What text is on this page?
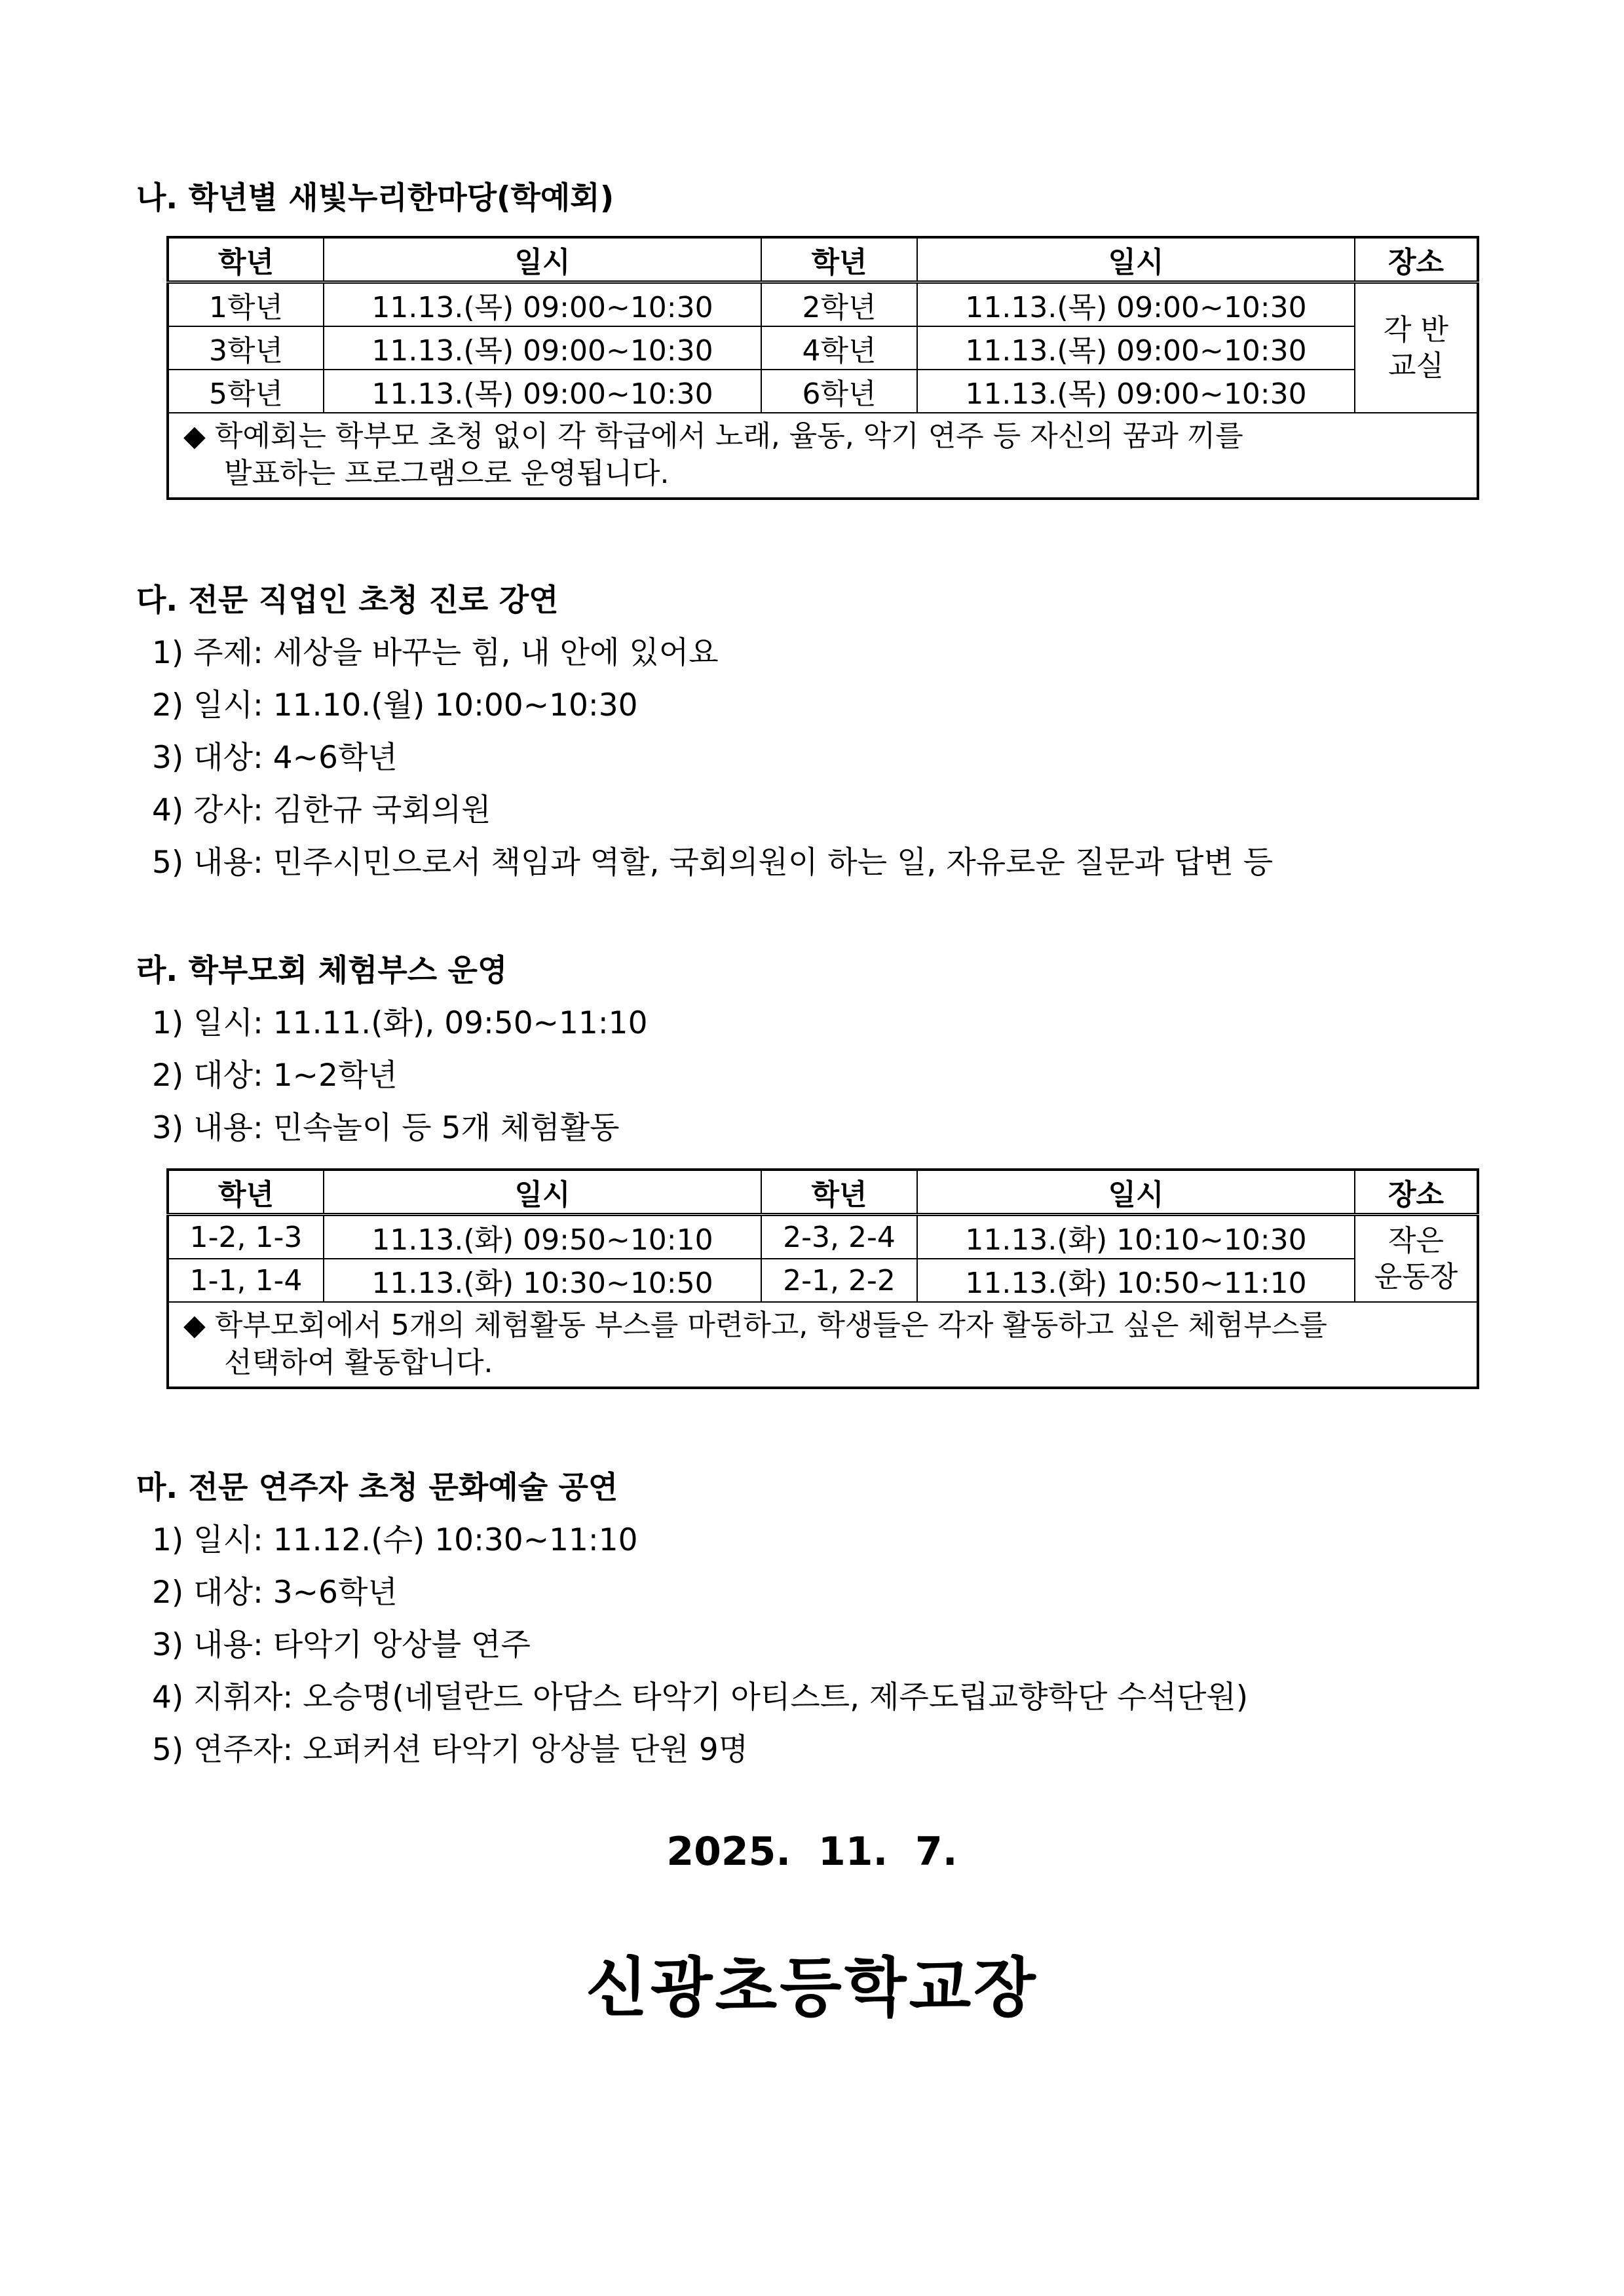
나. 학년별 새빛누리한마당(학예회)
학년	일시	학년	일시	장소
1학년	11.13.(목) 09:00~10:30	2학년	11.13.(목) 09:00~10:30	각 반
교실
3학년	11.13.(목) 09:00~10:30	4학년	11.13.(목) 09:00~10:30	
5학년	11.13.(목) 09:00~10:30	6학년	11.13.(목) 09:00~10:30	
◆ 학예회는 학부모 초청 없이 각 학급에서 노래, 율동, 악기 연주 등 자신의 꿈과 끼를
발표하는 프로그램으로 운영됩니다.				
다. 전문 직업인 초청 진로 강연
1) 주제: 세상을 바꾸는 힘, 내 안에 있어요
2) 일시: 11.10.(월) 10:00~10:30
3) 대상: 4~6학년
4) 강사: 김한규 국회의원
5) 내용: 민주시민으로서 책임과 역할, 국회의원이 하는 일, 자유로운 질문과 답변 등
라. 학부모회 체험부스 운영
1) 일시: 11.11.(화), 09:50~11:10
2) 대상: 1~2학년
3) 내용: 민속놀이 등 5개 체험활동
학년	일시	학년	일시	장소
1-2, 1-3	11.13.(화) 09:50~10:10	2-3, 2-4	11.13.(화) 10:10~10:30	작은
운동장
1-1, 1-4	11.13.(화) 10:30~10:50	2-1, 2-2	11.13.(화) 10:50~11:10	
◆ 학부모회에서 5개의 체험활동 부스를 마련하고, 학생들은 각자 활동하고 싶은 체험부스를
선택하여 활동합니다.				
마. 전문 연주자 초청 문화예술 공연
1) 일시: 11.12.(수) 10:30~11:10
2) 대상: 3~6학년
3) 내용: 타악기 앙상블 연주
4) 지휘자: 오승명(네덜란드 아담스 타악기 아티스트, 제주도립교향학단 수석단원)
5) 연주자: 오퍼커션 타악기 앙상블 단원 9명
2025.  11.  7.
신광초등학교장
